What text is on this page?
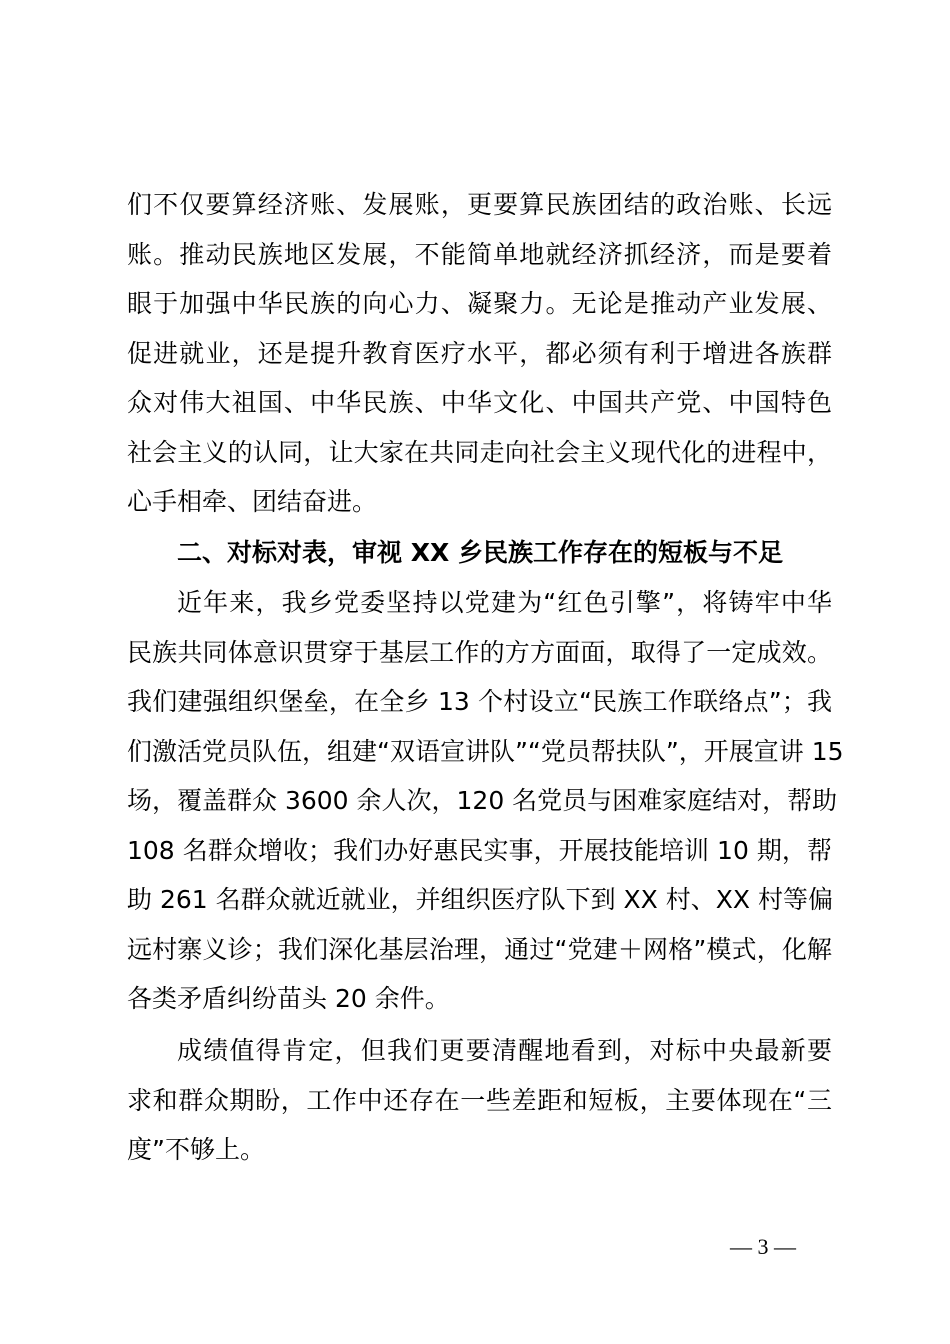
们不仅要算经济账、发展账，更要算民族团结的政治账、长远
账。推动民族地区发展，不能简单地就经济抓经济，而是要着
眼于加强中华民族的向心力、凝聚力。无论是推动产业发展、
促进就业，还是提升教育医疗水平，都必须有利于增进各族群
众对伟大祖国、中华民族、中华文化、中国共产党、中国特色
社会主义的认同，让大家在共同走向社会主义现代化的进程中，
心手相牵、团结奋进。
二、对标对表，审视 XX 乡民族工作存在的短板与不足
近年来，我乡党委坚持以党建为“红色引擎”，将铸牢中华
民族共同体意识贯穿于基层工作的方方面面，取得了一定成效。
我们建强组织堡垒，在全乡 13 个村设立“民族工作联络点”；我
们激活党员队伍，组建“双语宣讲队”“党员帮扶队”，开展宣讲 15
场，覆盖群众 3600 余人次，120 名党员与困难家庭结对，帮助
108 名群众增收；我们办好惠民实事，开展技能培训 10 期，帮
助 261 名群众就近就业，并组织医疗队下到 XX 村、XX 村等偏
远村寨义诊；我们深化基层治理，通过“党建＋网格”模式，化解
各类矛盾纠纷苗头 20 余件。
成绩值得肯定，但我们更要清醒地看到，对标中央最新要
求和群众期盼，工作中还存在一些差距和短板，主要体现在“三
度”不够上。
— 3 —
